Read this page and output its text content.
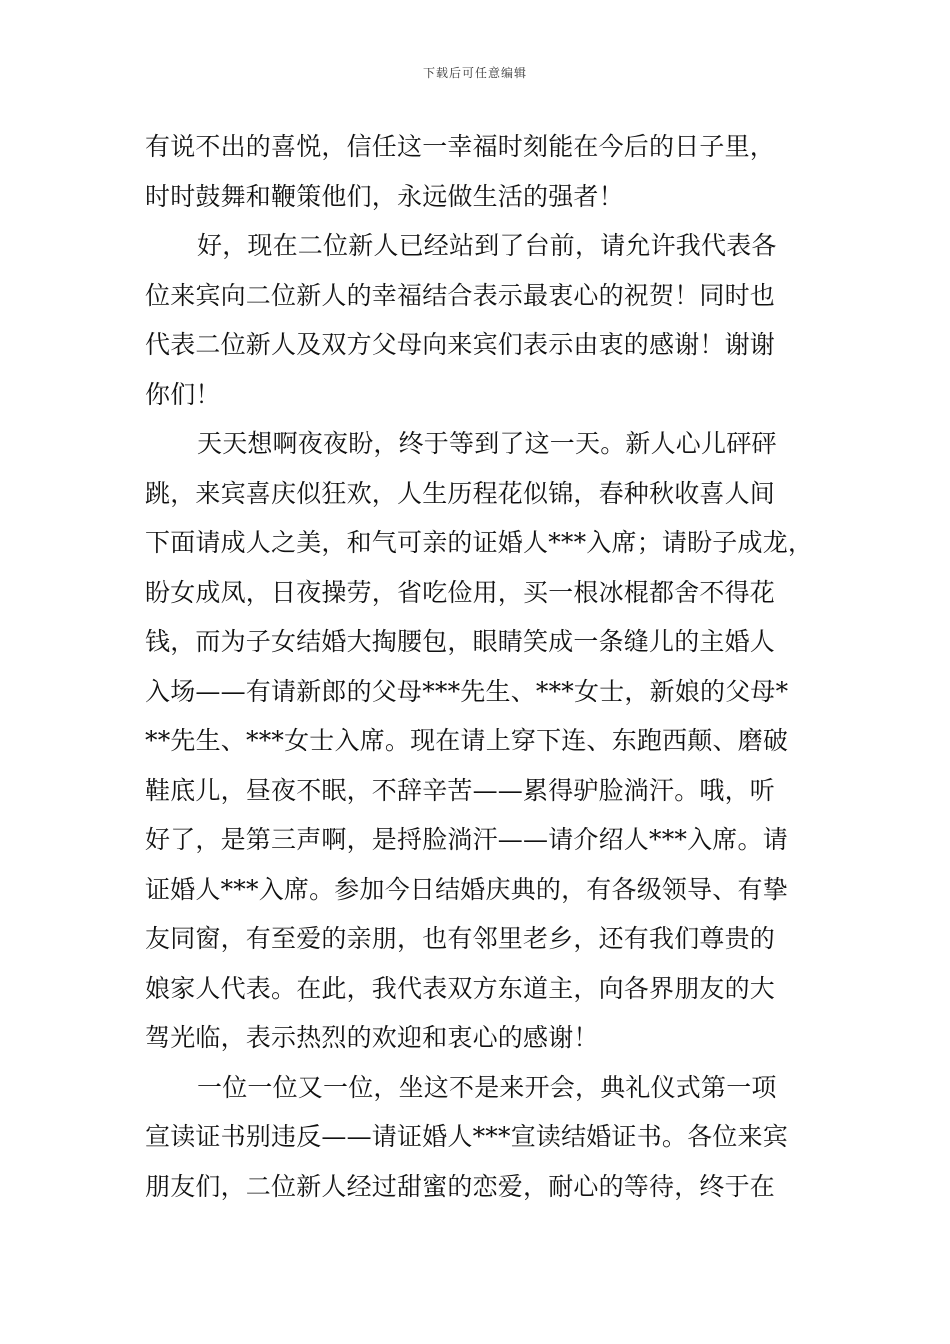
下载后可任意编辑
有说不出的喜悦，信任这一幸福时刻能在今后的日子里，
时时鼓舞和鞭策他们，永远做生活的强者！
好，现在二位新人已经站到了台前，请允许我代表各
位来宾向二位新人的幸福结合表示最衷心的祝贺！同时也
代表二位新人及双方父母向来宾们表示由衷的感谢！谢谢
你们！
天天想啊夜夜盼，终于等到了这一天。新人心儿砰砰
跳，来宾喜庆似狂欢，人生历程花似锦，春种秋收喜人间
下面请成人之美，和气可亲的证婚人***入席；请盼子成龙，
盼女成凤，日夜操劳，省吃俭用，买一根冰棍都舍不得花
钱，而为子女结婚大掏腰包，眼睛笑成一条缝儿的主婚人
入场——有请新郎的父母***先生、***女士，新娘的父母*
**先生、***女士入席。现在请上穿下连、东跑西颠、磨破
鞋底儿，昼夜不眠，不辞辛苦——累得驴脸淌汗。哦，听
好了，是第三声啊，是捋脸淌汗——请介绍人***入席。请
证婚人***入席。参加今日结婚庆典的，有各级领导、有挚
友同窗，有至爱的亲朋，也有邻里老乡，还有我们尊贵的
娘家人代表。在此，我代表双方东道主，向各界朋友的大
驾光临，表示热烈的欢迎和衷心的感谢！
一位一位又一位，坐这不是来开会，典礼仪式第一项
宣读证书别违反——请证婚人***宣读结婚证书。各位来宾
朋友们，二位新人经过甜蜜的恋爱，耐心的等待，终于在
